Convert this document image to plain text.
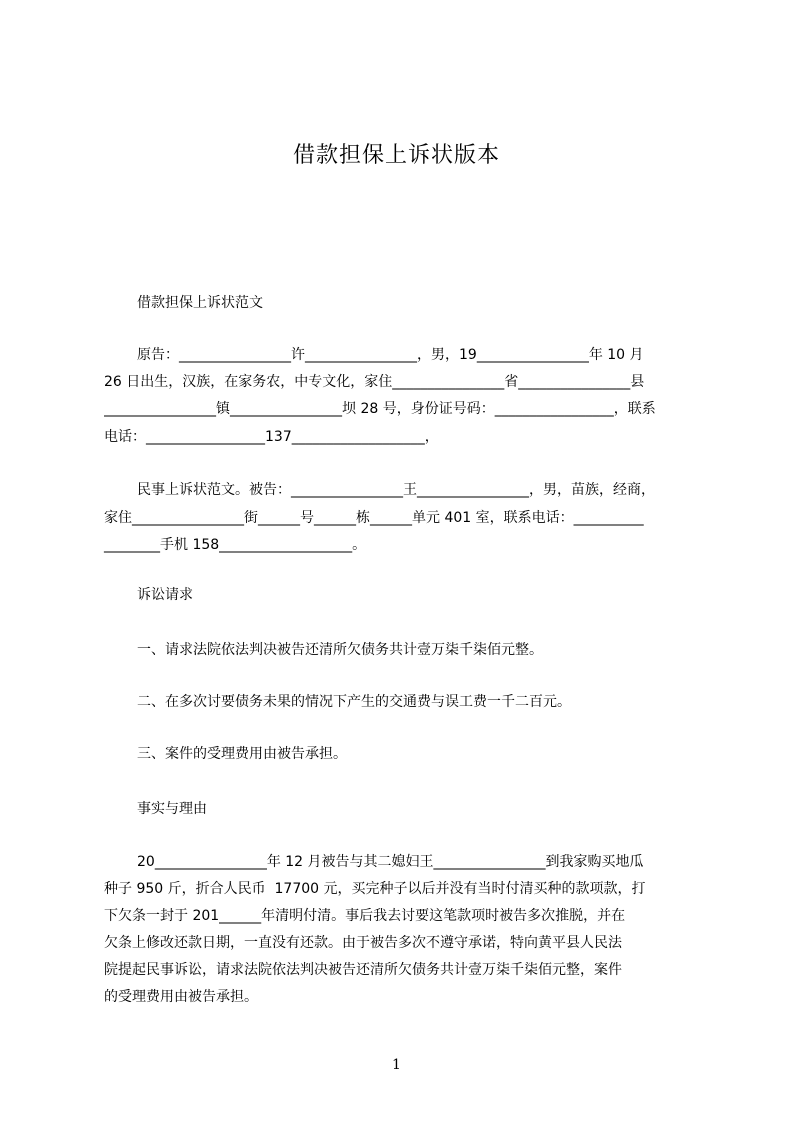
借款担保上诉状版本
借款担保上诉状范文
原告：________________许________________，男，19________________年 10 月
26 日出生，汉族，在家务农，中专文化，家住________________省________________县
________________镇________________坝 28 号，身份证号码：_________________，联系
电话：_________________137___________________，
民事上诉状范文。被告：________________王________________，男，苗族，经商，
家住________________街______号______栋______单元 401 室，联系电话：__________
________手机 158___________________。
诉讼请求
一、请求法院依法判决被告还清所欠债务共计壹万柒千柒佰元整。
二、在多次讨要债务未果的情况下产生的交通费与误工费一千二百元。
三、案件的受理费用由被告承担。
事实与理由
20________________年 12 月被告与其二媳妇王________________到我家购买地瓜
种子 950 斤，折合人民币  17700 元，买完种子以后并没有当时付清买种的款项款，打
下欠条一封于 201______年清明付清。事后我去讨要这笔款项时被告多次推脱，并在
欠条上修改还款日期，一直没有还款。由于被告多次不遵守承诺，特向黄平县人民法
院提起民事诉讼，请求法院依法判决被告还清所欠债务共计壹万柒千柒佰元整，案件
的受理费用由被告承担。
1
